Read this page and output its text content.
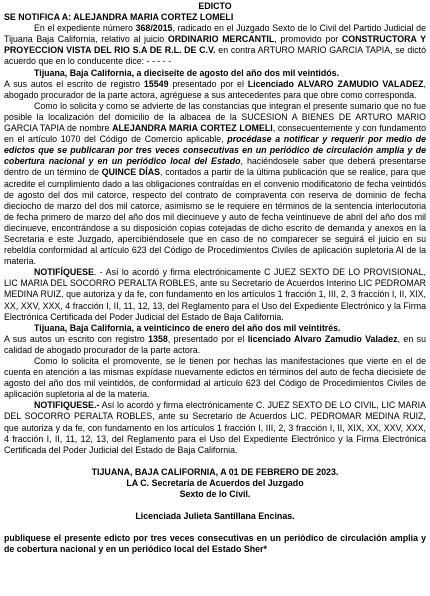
EDICTO

SE NOTIFICA A: ALEJANDRA MARIA CORTEZ LOMELI

En el expediente número 368/2015, radicado en el Juzgado Sexto de lo Civil del Partido Judicial de Tijuana Baja California, relativo al juicio ORDINARIO MERCANTIL, promovido por CONSTRUCTORA Y PROYECCION VISTA DEL RIO S.A DE R.L. DE C.V. en contra ARTURO MARIO GARCIA TAPIA, se dictó acuerdo que en lo conducente dice: - - - - -

Tijuana, Baja California, a dieciseite de agosto del año dos mil veintidós.

A sus autos el escrito de registro 15549 presentado por el Licenciado ALVARO ZAMUDIO VALADEZ, abogado procurador de la parte actora, agréguese a sus antecedentes para que obre como corresponda.

Como lo solicita y como se advierte de las constancias que integran el presente sumario que no fue posible la localización del domicilio de la albacea de la SUCESION A BIENES DE ARTURO MARIO GARCIA TAPIA de nombre ALEJANDRA MARIA CORTEZ LOMELI, consecuentemente y con fundamento en el artículo 1070 del Código de Comercio aplicable, procédase a notificar y requerir por medio de edictos que se publicaran por tres veces consecutivas en un periódico de circulación amplia y de cobertura nacional y en un periódico local del Estado, haciéndosele saber que deberá presentarse dentro de un término de QUINCE DÍAS, contados a partir de la última publicación que se realice, para que acredite el cumplimiento dado a las obligaciones contraídas en el convenio modificatorio de fecha veintidós de agosto del dos mil catorce, respecto del contrato de compraventa con reserva de dominio de fecha dieciocho de marzo del dos mil catorce, asimismo se le requiere en términos de la sentencia interlocutoria de fecha primero de marzo del año dos mil diecinueve y auto de fecha veintinueve de abril del año dos mil diecinueve, encontrándose a su disposición copias cotejadas de dicho escrito de demanda y anexos en la Secretaria e este Juzgado, apercibiéndosele que en caso de no comparecer se seguirá el juicio en su rebeldía conformidad al artículo 623 del Código de Procedimientos Civiles de aplicación supletoria Al de la materia.

NOTIFÍQUESE. - Así lo acordó y firma electrónicamente C JUEZ SEXTO DE LO PROVISIONAL, LIC MARIA DEL SOCORRO PERALTA ROBLES, ante su Secretario de Acuerdos Interino LIC PEDROMAR MEDINA RUIZ, que autoriza y da fe, con fundamento en los artículos 1 fracción 1, III, 2, 3 fracción I, II, XIX, XX, XXV, XXX, 4 fracción I, II, 11, 12, 13, del Reglamento para el Uso del Expediente Electrónico y la Firma Electrónica Certificada del Poder Judicial del Estado de Baja California.

Tijuana, Baja California, a veinticinco de enero del año dos mil veintitrés.

A sus autos un escrito con registro 1358, presentado por el licenciado Alvaro Zamudio Valadez, en su calidad de abogado procurador de la parte actora.

Como lo solicita el promovente, se le tienen por hechas las manifestaciones que vierte en el de cuenta en atención a las mismas expídase nuevamente edictos en términos del auto de fecha diecisiete de agosto del año dos mil veintidós, de conformidad al artículo 623 del Código de Procedimientos Civiles de aplicación supletoria al de la materia.

NOTIFIQUESE.- Así lo acordó y firma electrónicamente C. JUEZ SEXTO DE LO CIVIL, LIC MARIA DEL SOCORRO PERALTA ROBLES, ante su Secretario de Acuerdos LIC. PEDROMAR MEDINA RUIZ, que autoriza y da fe, con fundamento en los artículos 1 fracción I, III, 2, 3 fracción I, II, XIX, XX, XXV, XXX, 4 fracción I, II, 11, 12, 13, del Reglamento para el Uso del Expediente Electrónico y la Firma Electrónica Certificada del Poder Judicial del Estado de Baja California.

TIJUANA, BAJA CALIFORNIA, A 01 DE FEBRERO DE 2023.

LA C. Secretaria de Acuerdos del Juzgado

Sexto de lo Civil.

Licenciada Julieta Santillana Encinas.

publiquese el presente edicto por tres veces consecutivas en un periódico de circulación amplia y de cobertura nacional y en un periódico local del Estado Sher*
